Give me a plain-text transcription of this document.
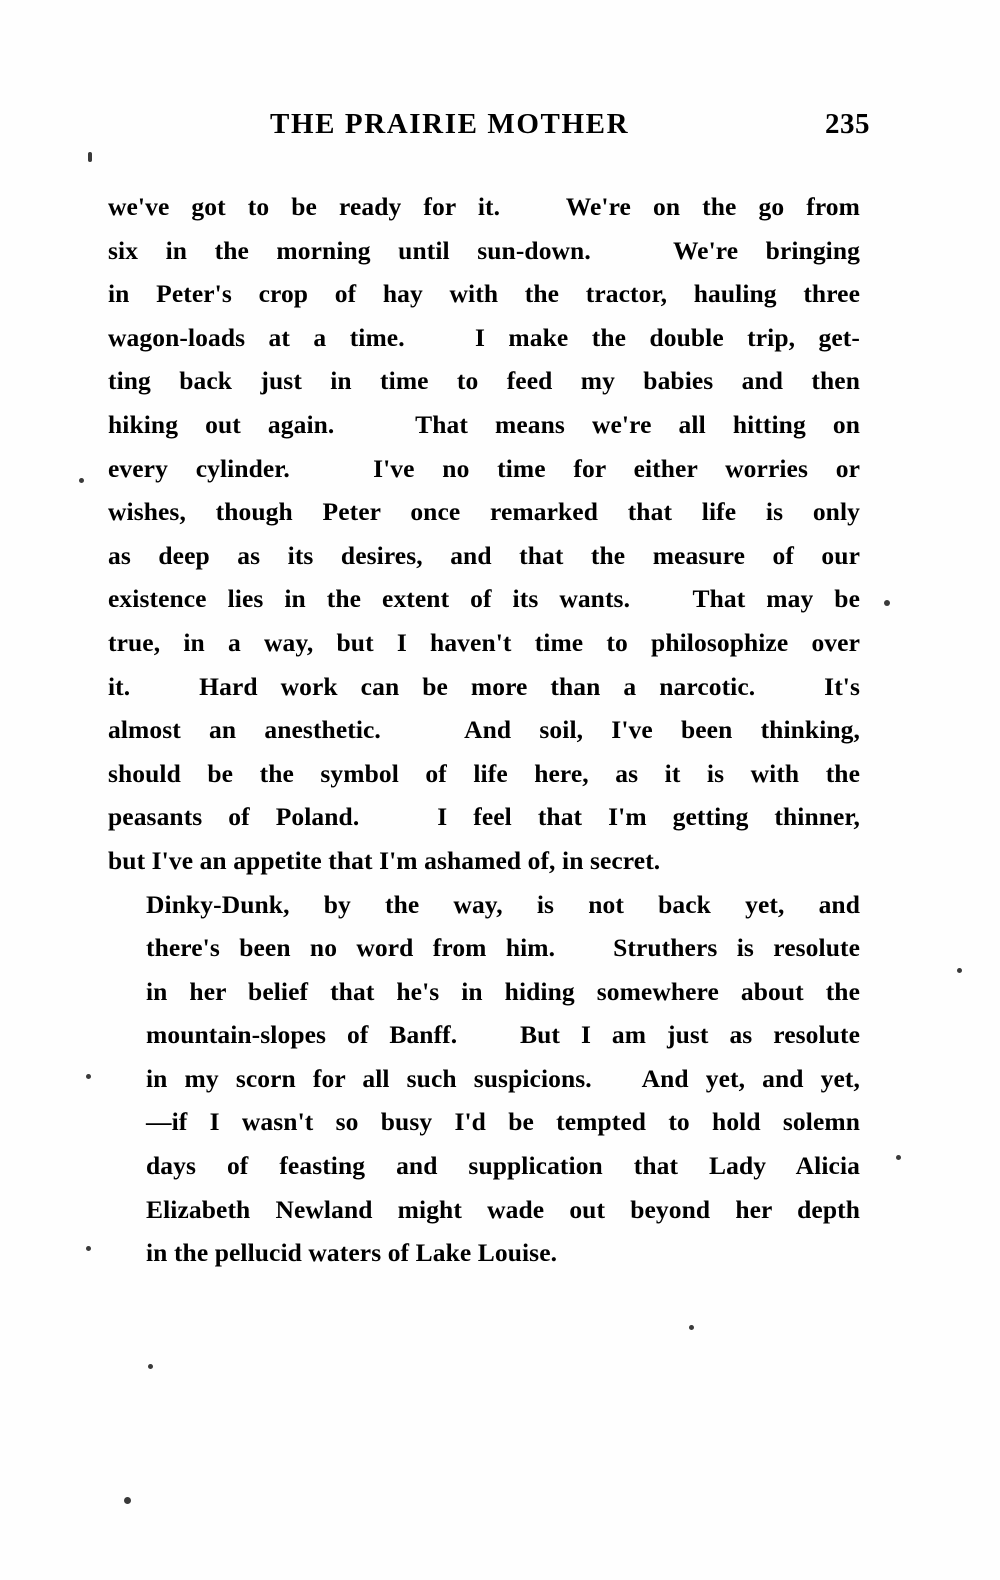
THE PRAIRIE MOTHER	235

we've got to be ready for it.   We're on the go from
six in the morning until sun-down.   We're bringing
in Peter's crop of hay with the tractor, hauling three
wagon-loads at a time.   I make the double trip, get-
ting back just in time to feed my babies and then
hiking out again.   That means we're all hitting on
every cylinder.   I've no time for either worries or
wishes, though Peter once remarked that life is only
as deep as its desires, and that the measure of our
existence lies in the extent of its wants.   That may be
true, in a way, but I haven't time to philosophize over
it.   Hard work can be more than a narcotic.   It's
almost an anesthetic.   And soil, I've been thinking,
should be the symbol of life here, as it is with the
peasants of Poland.   I feel that I'm getting thinner,
but I've an appetite that I'm ashamed of, in secret.

Dinky-Dunk, by the way, is not back yet, and
there's been no word from him.   Struthers is resolute
in her belief that he's in hiding somewhere about the
mountain-slopes of Banff.   But I am just as resolute
in my scorn for all such suspicions.   And yet, and yet,
—if I wasn't so busy I'd be tempted to hold solemn
days of feasting and supplication that Lady Alicia
Elizabeth Newland might wade out beyond her depth
in the pellucid waters of Lake Louise.
